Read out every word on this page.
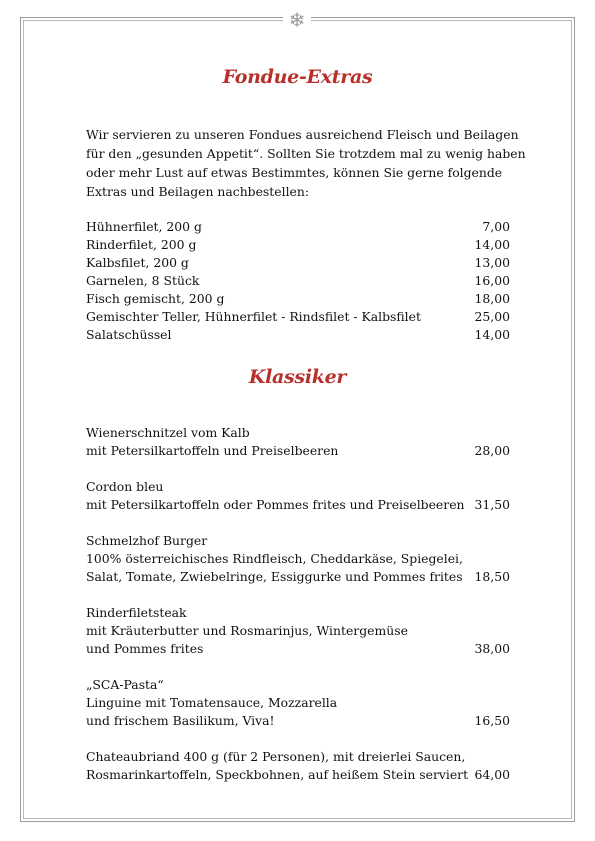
❄
Fondue-Extras

Wir servieren zu unseren Fondues ausreichend Fleisch und Beilagen für den „gesunden Appetit“. Sollten Sie trotzdem mal zu wenig haben oder mehr Lust auf etwas Bestimmtes, können Sie gerne folgende Extras und Beilagen nachbestellen:

Hühnerfilet, 200 g	7,00
Rinderfilet, 200 g	14,00
Kalbsfilet, 200 g	13,00
Garnelen, 8 Stück	16,00
Fisch gemischt, 200 g	18,00
Gemischter Teller, Hühnerfilet - Rindsfilet - Kalbsfilet	25,00
Salatschüssel	14,00
Klassiker
Wienerschnitzel vom Kalb
mit Petersilkartoffeln und Preiselbeeren	28,00
Cordon bleu
mit Petersilkartoffeln oder Pommes frites und Preiselbeeren 31,50
Schmelzhof Burger
100% österreichisches Rindfleisch, Cheddarkäse, Spiegelei,
Salat, Tomate, Zwiebelringe, Essiggurke und Pommes frites 18,50
Rinderfiletsteak
mit Kräuterbutter und Rosmarinjus, Wintergemüse
und Pommes frites	38,00
„SCA-Pasta“
Linguine mit Tomatensauce, Mozzarella
und frischem Basilikum, Viva!	16,50
Chateaubriand 400 g (für 2 Personen), mit dreierlei Saucen,
Rosmarinkartoffeln, Speckbohnen, auf heißem Stein serviert 64,00
